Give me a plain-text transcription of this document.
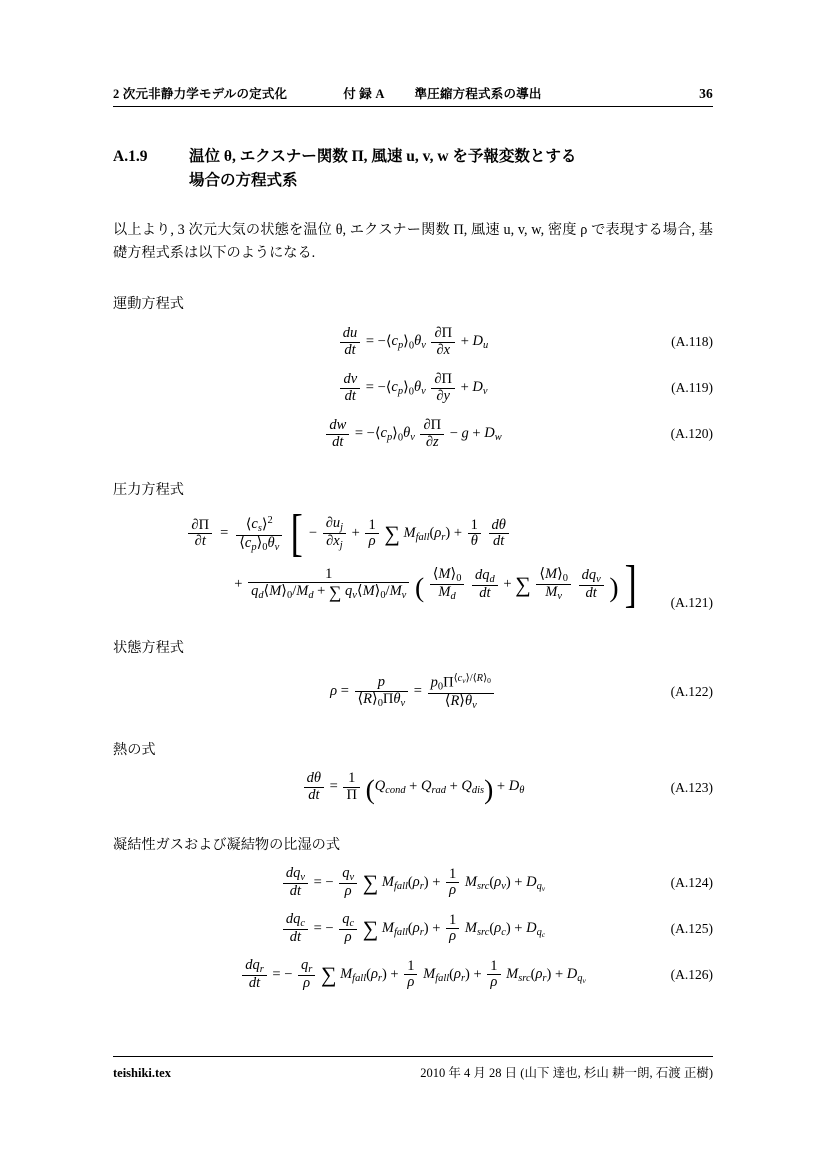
2 次元非静力学モデルの定式化	付 録 A 準圧縮方程式系の導出	36
A.1.9	温位 θ, エクスナー関数 Π, 風速 u, v, w を予報変数とする
場合の方程式系

以上より, 3 次元大気の状態を温位 θ, エクスナー関数 Π, 風速 u, v, w, 密度 ρ で表現する場合, 基礎方程式系は以下のようになる.

運動方程式
$\frac{du}{dt}$ = $-⟨c_p⟩_0\theta_v \frac{\partial\Pi}{\partial x} + D_u$	(A.118)
$\frac{dv}{dt}$ = $-⟨c_p⟩_0\theta_v \frac{\partial\Pi}{\partial y} + D_v$	(A.119)
$\frac{dw}{dt}$ = $-⟨c_p⟩_0\theta_v \frac{\partial\Pi}{\partial z} - g + D_w$	(A.120)
圧力方程式
$\frac{\partial\Pi}{\partial t} = \frac{⟨c_s⟩^2}{⟨c_p⟩_0\theta_v}$ [ − $\frac{\partial u_j}{\partial x_j} + \frac{1}{\rho}$ ∑ $M_{fall}(\rho_r) + \frac{1}{\theta}$
$\frac{d\theta}{dt}$
+ $\frac{1}{q_d⟨M⟩_0/M_d + \sum q_v⟨M⟩_0/M_v}$ ( $\frac{⟨M⟩_0}{M_d}$
$\frac{dq_d}{dt}$ + ∑ $\frac{⟨M⟩_0}{M_v}$
$\frac{dq_v}{dt}$ ) ] (A.121)
状態方程式
$\rho = \frac{p}{⟨R⟩_0\Pi\theta_v} = \frac{p_0\Pi^{⟨c_v⟩/⟨R⟩_0}}{⟨R⟩\theta_v}$	(A.122)
熱の式
$\frac{d\theta}{dt} = \frac{1}{\Pi} (Q_{cond} + Q_{rad} + Q_{dis}) + D_\theta$	(A.123)
凝結性ガスおよび凝結物の比湿の式
$\frac{dq_v}{dt}$ = − $\frac{q_v}{\rho}$ ∑ $M_{fall}(\rho_r) + \frac{1}{\rho} M_{src}(\rho_v) + D_{q_v}$	(A.124)
$\frac{dq_c}{dt}$ = − $\frac{q_c}{\rho}$ ∑ $M_{fall}(\rho_r) + \frac{1}{\rho} M_{src}(\rho_c) + D_{q_c}$	(A.125)
$\frac{dq_r}{dt}$ = − $\frac{q_r}{\rho}$ ∑ $M_{fall}(\rho_r) + \frac{1}{\rho} M_{fall}(\rho_r) + \frac{1}{\rho} M_{src}(\rho_r) + D_{q_v}$	(A.126)
teishiki.tex	2010 年 4 月 28 日 (山下 達也, 杉山 耕一朗, 石渡 正樹)
